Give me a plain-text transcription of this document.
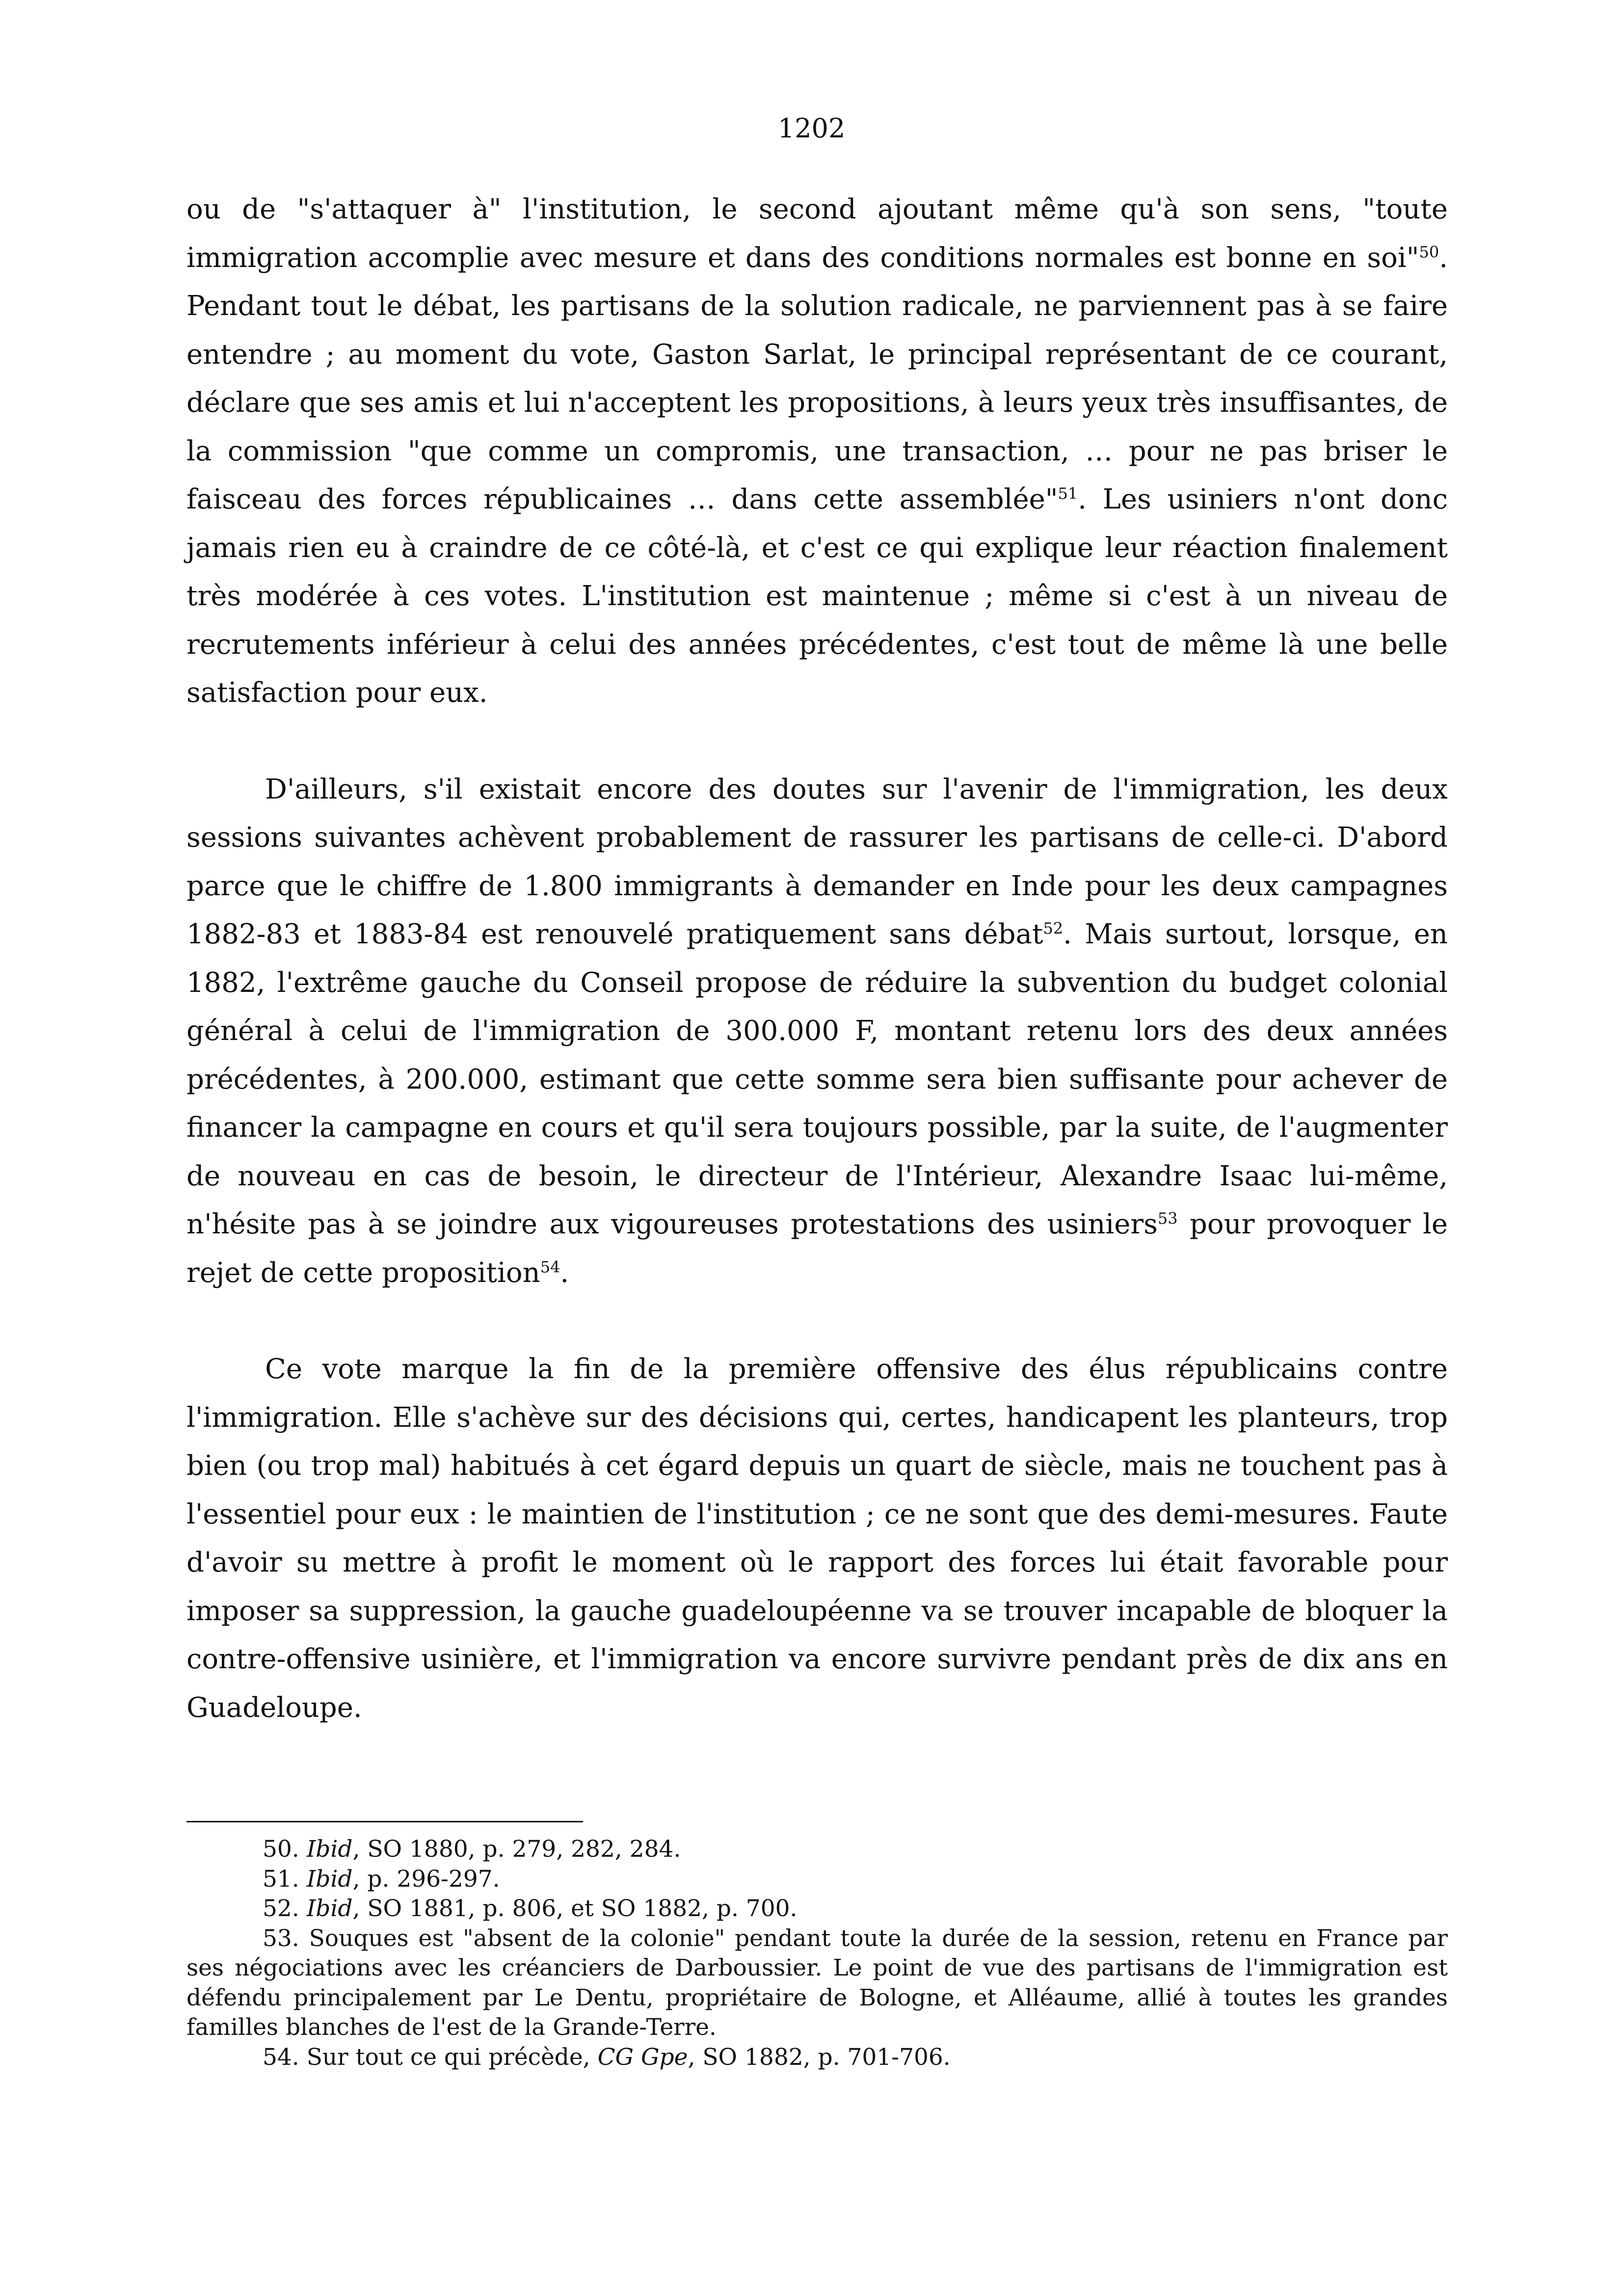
1202

ou de "s'attaquer à" l'institution, le second ajoutant même qu'à son sens, "toute immigration accomplie avec mesure et dans des conditions normales est bonne en soi"$^{50}$. Pendant tout le débat, les partisans de la solution radicale, ne parviennent pas à se faire entendre ; au moment du vote, Gaston Sarlat, le principal représentant de ce courant, déclare que ses amis et lui n'acceptent les propositions, à leurs yeux très insuffisantes, de la commission "que comme un compromis, une transaction, … pour ne pas briser le faisceau des forces républicaines … dans cette assemblée"$^{51}$. Les usiniers n'ont donc jamais rien eu à craindre de ce côté-là, et c'est ce qui explique leur réaction finalement très modérée à ces votes. L'institution est maintenue ; même si c'est à un niveau de recrutements inférieur à celui des années précédentes, c'est tout de même là une belle satisfaction pour eux.

D'ailleurs, s'il existait encore des doutes sur l'avenir de l'immigration, les deux sessions suivantes achèvent probablement de rassurer les partisans de celle-ci. D'abord parce que le chiffre de 1.800 immigrants à demander en Inde pour les deux campagnes 1882-83 et 1883-84 est renouvelé pratiquement sans débat$^{52}$. Mais surtout, lorsque, en 1882, l'extrême gauche du Conseil propose de réduire la subvention du budget colonial général à celui de l'immigration de 300.000 F, montant retenu lors des deux années précédentes, à 200.000, estimant que cette somme sera bien suffisante pour achever de financer la campagne en cours et qu'il sera toujours possible, par la suite, de l'augmenter de nouveau en cas de besoin, le directeur de l'Intérieur, Alexandre Isaac lui-même, n'hésite pas à se joindre aux vigoureuses protestations des usiniers$^{53}$ pour provoquer le rejet de cette proposition$^{54}$.

Ce vote marque la fin de la première offensive des élus républicains contre l'immigration. Elle s'achève sur des décisions qui, certes, handicapent les planteurs, trop bien (ou trop mal) habitués à cet égard depuis un quart de siècle, mais ne touchent pas à l'essentiel pour eux : le maintien de l'institution ; ce ne sont que des demi-mesures. Faute d'avoir su mettre à profit le moment où le rapport des forces lui était favorable pour imposer sa suppression, la gauche guadeloupéenne va se trouver incapable de bloquer la contre-offensive usinière, et l'immigration va encore survivre pendant près de dix ans en Guadeloupe.

50. Ibid, SO 1880, p. 279, 282, 284.

51. Ibid, p. 296-297.

52. Ibid, SO 1881, p. 806, et SO 1882, p. 700.

53. Souques est "absent de la colonie" pendant toute la durée de la session, retenu en France par ses négociations avec les créanciers de Darboussier. Le point de vue des partisans de l'immigration est défendu principalement par Le Dentu, propriétaire de Bologne, et Alléaume, allié à toutes les grandes familles blanches de l'est de la Grande-Terre.

54. Sur tout ce qui précède, CG Gpe, SO 1882, p. 701-706.
